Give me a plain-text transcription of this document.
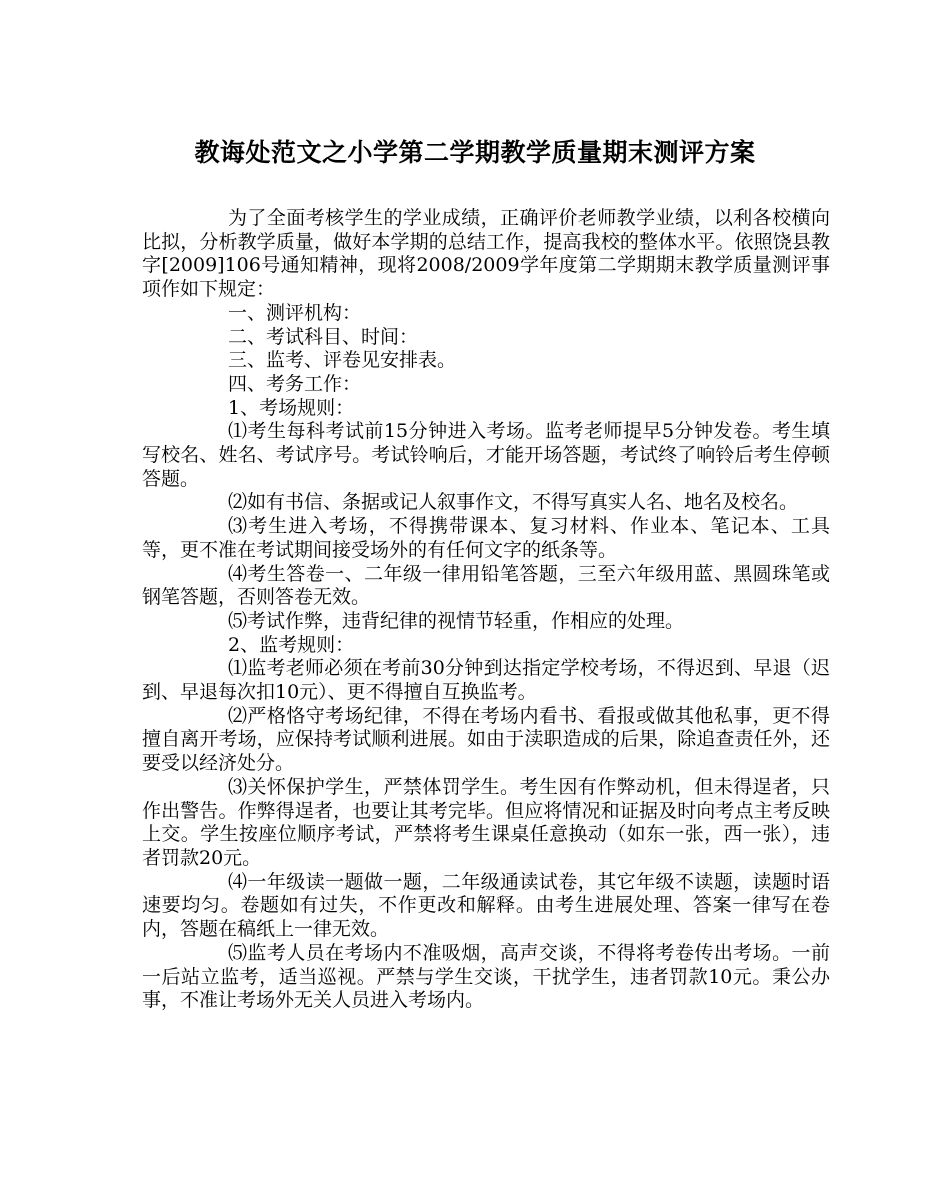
教诲处范文之小学第二学期教学质量期末测评方案

为了全面考核学生的学业成绩，正确评价老师教学业绩，以利各校横向比拟，分析教学质量，做好本学期的总结工作，提高我校的整体水平。依照饶县教字[2009]106号通知精神，现将2008/2009学年度第二学期期末教学质量测评事项作如下规定：

一、测评机构：

二、考试科目、时间：

三、监考、评卷见安排表。

四、考务工作：

1、考场规则：

⑴考生每科考试前15分钟进入考场。监考老师提早5分钟发卷。考生填写校名、姓名、考试序号。考试铃响后，才能开场答题，考试终了响铃后考生停顿答题。

⑵如有书信、条据或记人叙事作文，不得写真实人名、地名及校名。

⑶考生进入考场，不得携带课本、复习材料、作业本、笔记本、工具等，更不准在考试期间接受场外的有任何文字的纸条等。

⑷考生答卷一、二年级一律用铅笔答题，三至六年级用蓝、黑圆珠笔或钢笔答题，否则答卷无效。

⑸考试作弊，违背纪律的视情节轻重，作相应的处理。

2、监考规则：

⑴监考老师必须在考前30分钟到达指定学校考场，不得迟到、早退（迟到、早退每次扣10元）、更不得擅自互换监考。

⑵严格恪守考场纪律，不得在考场内看书、看报或做其他私事，更不得擅自离开考场，应保持考试顺利进展。如由于渎职造成的后果，除追查责任外，还要受以经济处分。

⑶关怀保护学生，严禁体罚学生。考生因有作弊动机，但未得逞者，只作出警告。作弊得逞者，也要让其考完毕。但应将情况和证据及时向考点主考反映上交。学生按座位顺序考试，严禁将考生课桌任意换动（如东一张，西一张），违者罚款20元。

⑷一年级读一题做一题，二年级通读试卷，其它年级不读题，读题时语速要均匀。卷题如有过失，不作更改和解释。由考生进展处理、答案一律写在卷内，答题在稿纸上一律无效。

⑸监考人员在考场内不准吸烟，高声交谈，不得将考卷传出考场。一前一后站立监考，适当巡视。严禁与学生交谈，干扰学生，违者罚款10元。秉公办事，不准让考场外无关人员进入考场内。
